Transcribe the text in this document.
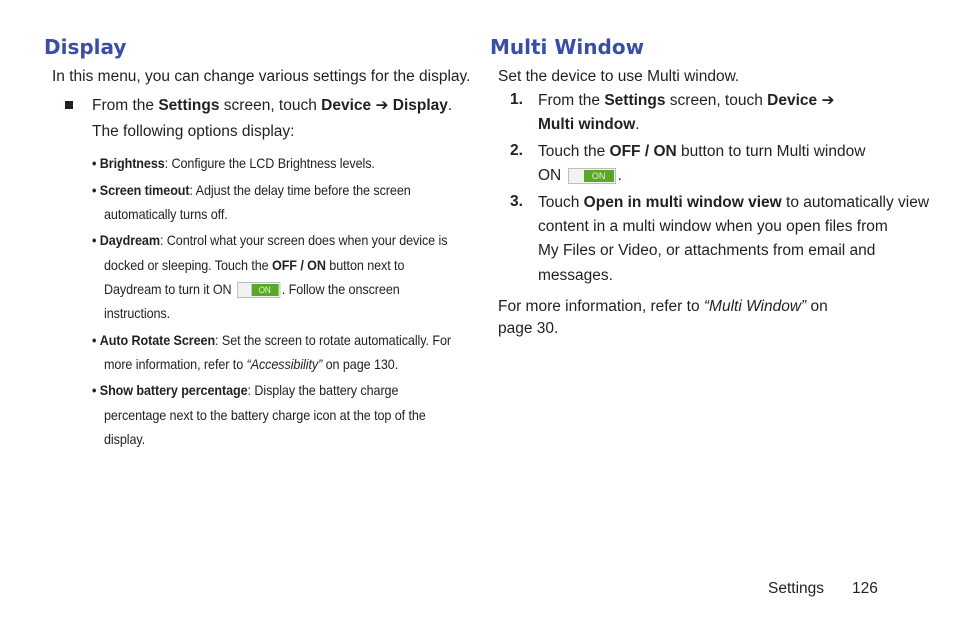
Display

In this menu, you can change various settings for the display.

From the Settings screen, touch Device ➔ Display.

The following options display:

• Brightness: Configure the LCD Brightness levels.

• Screen timeout: Adjust the delay time before the screen

automatically turns off.

• Daydream: Control what your screen does when your device is

docked or sleeping. Touch the OFF / ON button next to

Daydream to turn it ON	ON . Follow the onscreen

instructions.

• Auto Rotate Screen: Set the screen to rotate automatically. For

more information, refer to “Accessibility” on page 130.

• Show battery percentage: Display the battery charge

percentage next to the battery charge icon at the top of the

display.

Multi Window

Set the device to use Multi window.

1. From the Settings screen, touch Device ➔

Multi window.

2. Touch the OFF / ON button to turn Multi window

ON	ON .

3. Touch Open in multi window view to automatically view

content in a multi window when you open files from

My Files or Video, or attachments from email and

messages.

For more information, refer to “Multi Window” on

page 30.

Settings 126
